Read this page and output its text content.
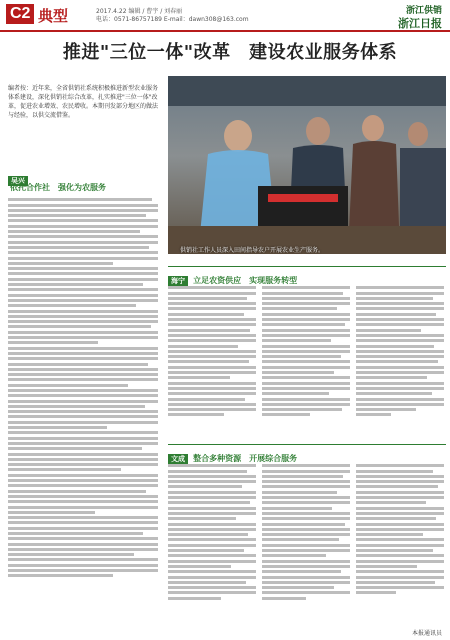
C2 典型	2017.4.22 编辑 / 曹宇 / 刘春丽
电话：0571-86757189 E-mail：dawn308@163.com
浙江供销
浙江日报
推进"三位一体"改革　建设农业服务体系
编者按：近年来，全省供销社系统积极推进新型农业服务体系建设，深化供销社综合改革，扎实推进"三位一体"改革，促进农业增效、农民增收。本期刊发部分地区的做法与经验，以供交流借鉴。
供销社工作人员深入田间指导农户开展农业生产服务。
吴兴
依托合作社　强化为农服务
海宁 立足农资供应　实现服务转型
文成 整合多种资源　开展综合服务
本报通讯员
